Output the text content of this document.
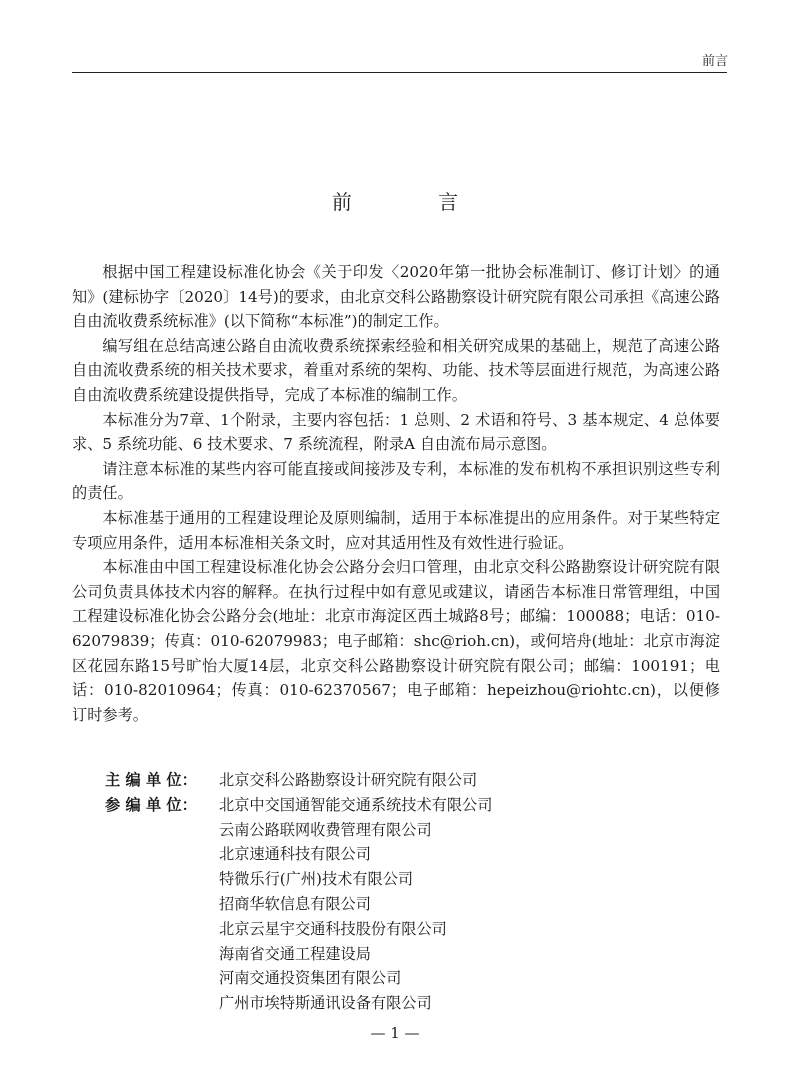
前言
前 言

根据中国工程建设标准化协会《关于印发〈2020年第一批协会标准制订、修订计划〉的通知》(建标协字〔2020〕14号)的要求，由北京交科公路勘察设计研究院有限公司承担《高速公路自由流收费系统标准》(以下简称“本标准”)的制定工作。

编写组在总结高速公路自由流收费系统探索经验和相关研究成果的基础上，规范了高速公路自由流收费系统的相关技术要求，着重对系统的架构、功能、技术等层面进行规范，为高速公路自由流收费系统建设提供指导，完成了本标准的编制工作。

本标准分为7章、1个附录，主要内容包括：1 总则、2 术语和符号、3 基本规定、4 总体要求、5 系统功能、6 技术要求、7 系统流程，附录A 自由流布局示意图。

请注意本标准的某些内容可能直接或间接涉及专利，本标准的发布机构不承担识别这些专利的责任。

本标准基于通用的工程建设理论及原则编制，适用于本标准提出的应用条件。对于某些特定专项应用条件，适用本标准相关条文时，应对其适用性及有效性进行验证。

本标准由中国工程建设标准化协会公路分会归口管理，由北京交科公路勘察设计研究院有限公司负责具体技术内容的解释。在执行过程中如有意见或建议，请函告本标准日常管理组，中国工程建设标准化协会公路分会(地址：北京市海淀区西土城路8号；邮编：100088；电话：010-62079839；传真：010-62079983；电子邮箱：shc@rioh.cn)，或何培舟(地址：北京市海淀区花园东路15号旷怡大厦14层，北京交科公路勘察设计研究院有限公司；邮编：100191；电话：010-82010964；传真：010-62370567；电子邮箱：hepeizhou@riohtc.cn)，以便修订时参考。

主 编 单 位：	北京交科公路勘察设计研究院有限公司
参 编 单 位：	北京中交国通智能交通系统技术有限公司
云南公路联网收费管理有限公司
北京速通科技有限公司
特微乐行(广州)技术有限公司
招商华软信息有限公司
北京云星宇交通科技股份有限公司
海南省交通工程建设局
河南交通投资集团有限公司
广州市埃特斯通讯设备有限公司
— 1 —
